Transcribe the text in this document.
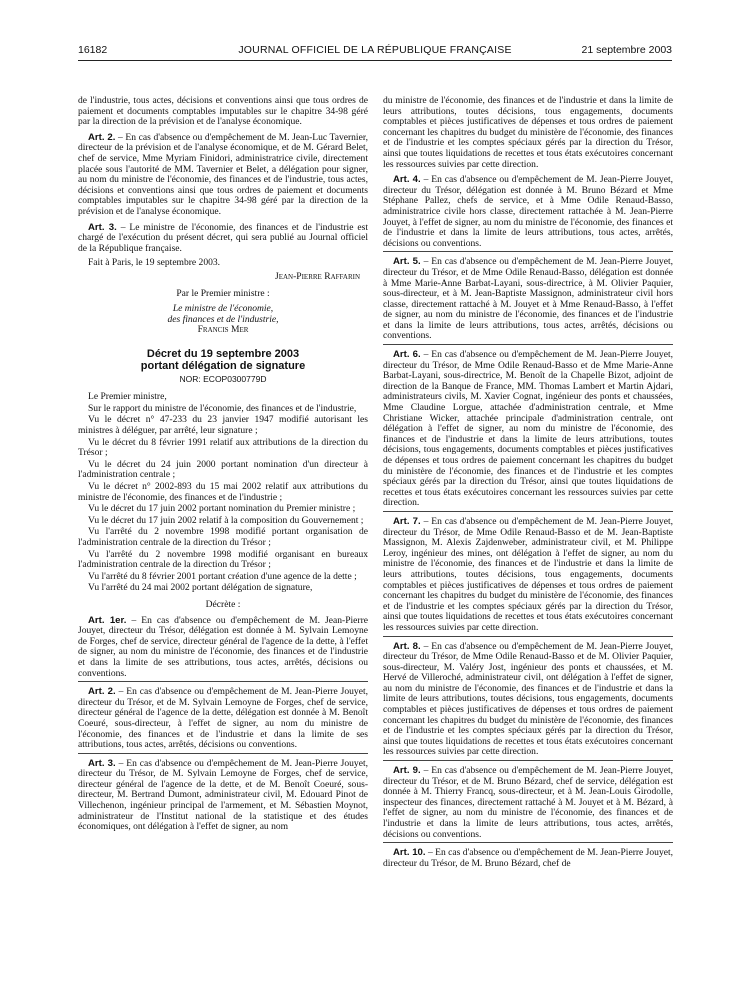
16182	JOURNAL OFFICIEL DE LA RÉPUBLIQUE FRANÇAISE	21 septembre 2003

de l'industrie, tous actes, décisions et conventions ainsi que tous ordres de paiement et documents comptables imputables sur le chapitre 34-98 géré par la direction de la prévision et de l'analyse économique.

Art. 2. – En cas d'absence ou d'empêchement de M. Jean-Luc Tavernier, directeur de la prévision et de l'analyse économique, et de M. Gérard Belet, chef de service, Mme Myriam Finidori, administratrice civile, directement placée sous l'autorité de MM. Tavernier et Belet, a délégation pour signer, au nom du ministre de l'économie, des finances et de l'industrie, tous actes, décisions et conventions ainsi que tous ordres de paiement et documents comptables imputables sur le chapitre 34-98 géré par la direction de la prévision et de l'analyse économique.

Art. 3. – Le ministre de l'économie, des finances et de l'industrie est chargé de l'exécution du présent décret, qui sera publié au Journal officiel de la République française.

Fait à Paris, le 19 septembre 2003.

Jean-Pierre Raffarin

Par le Premier ministre :

Le ministre de l'économie,

des finances et de l'industrie,

Francis Mer

Décret du 19 septembre 2003
portant délégation de signature

NOR: ECOP0300779D

Le Premier ministre,

Sur le rapport du ministre de l'économie, des finances et de l'industrie,

Vu le décret n° 47-233 du 23 janvier 1947 modifié autorisant les ministres à déléguer, par arrêté, leur signature ;

Vu le décret du 8 février 1991 relatif aux attributions de la direction du Trésor ;

Vu le décret du 24 juin 2000 portant nomination d'un directeur à l'administration centrale ;

Vu le décret n° 2002-893 du 15 mai 2002 relatif aux attributions du ministre de l'économie, des finances et de l'industrie ;

Vu le décret du 17 juin 2002 portant nomination du Premier ministre ;

Vu le décret du 17 juin 2002 relatif à la composition du Gouvernement ;

Vu l'arrêté du 2 novembre 1998 modifié portant organisation de l'administration centrale de la direction du Trésor ;

Vu l'arrêté du 2 novembre 1998 modifié organisant en bureaux l'administration centrale de la direction du Trésor ;

Vu l'arrêté du 8 février 2001 portant création d'une agence de la dette ;

Vu l'arrêté du 24 mai 2002 portant délégation de signature,

Décrète :

Art. 1er. – En cas d'absence ou d'empêchement de M. Jean-Pierre Jouyet, directeur du Trésor, délégation est donnée à M. Sylvain Lemoyne de Forges, chef de service, directeur général de l'agence de la dette, à l'effet de signer, au nom du ministre de l'économie, des finances et de l'industrie et dans la limite de ses attributions, tous actes, arrêtés, décisions ou conventions.

Art. 2. – En cas d'absence ou d'empêchement de M. Jean-Pierre Jouyet, directeur du Trésor, et de M. Sylvain Lemoyne de Forges, chef de service, directeur général de l'agence de la dette, délégation est donnée à M. Benoît Coeuré, sous-directeur, à l'effet de signer, au nom du ministre de l'économie, des finances et de l'industrie et dans la limite de ses attributions, tous actes, arrêtés, décisions ou conventions.

Art. 3. – En cas d'absence ou d'empêchement de M. Jean-Pierre Jouyet, directeur du Trésor, de M. Sylvain Lemoyne de Forges, chef de service, directeur général de l'agence de la dette, et de M. Benoît Coeuré, sous-directeur, M. Bertrand Dumont, administrateur civil, M. Edouard Pinot de Villechenon, ingénieur principal de l'armement, et M. Sébastien Moynot, administrateur de l'Institut national de la statistique et des études économiques, ont délégation à l'effet de signer, au nom

du ministre de l'économie, des finances et de l'industrie et dans la limite de leurs attributions, toutes décisions, tous engagements, documents comptables et pièces justificatives de dépenses et tous ordres de paiement concernant les chapitres du budget du ministère de l'économie, des finances et de l'industrie et les comptes spéciaux gérés par la direction du Trésor, ainsi que toutes liquidations de recettes et tous états exécutoires concernant les ressources suivies par cette direction.

Art. 4. – En cas d'absence ou d'empêchement de M. Jean-Pierre Jouyet, directeur du Trésor, délégation est donnée à M. Bruno Bézard et Mme Stéphane Pallez, chefs de service, et à Mme Odile Renaud-Basso, administratrice civile hors classe, directement rattachée à M. Jean-Pierre Jouyet, à l'effet de signer, au nom du ministre de l'économie, des finances et de l'industrie et dans la limite de leurs attributions, tous actes, arrêtés, décisions ou conventions.

Art. 5. – En cas d'absence ou d'empêchement de M. Jean-Pierre Jouyet, directeur du Trésor, et de Mme Odile Renaud-Basso, délégation est donnée à Mme Marie-Anne Barbat-Layani, sous-directrice, à M. Olivier Paquier, sous-directeur, et à M. Jean-Baptiste Massignon, administrateur civil hors classe, directement rattaché à M. Jouyet et à Mme Renaud-Basso, à l'effet de signer, au nom du ministre de l'économie, des finances et de l'industrie et dans la limite de leurs attributions, tous actes, arrêtés, décisions ou conventions.

Art. 6. – En cas d'absence ou d'empêchement de M. Jean-Pierre Jouyet, directeur du Trésor, de Mme Odile Renaud-Basso et de Mme Marie-Anne Barbat-Layani, sous-directrice, M. Benoît de la Chapelle Bizot, adjoint de direction de la Banque de France, MM. Thomas Lambert et Martin Ajdari, administrateurs civils, M. Xavier Cognat, ingénieur des ponts et chaussées, Mme Claudine Lorgue, attachée d'administration centrale, et Mme Christiane Wicker, attachée principale d'administration centrale, ont délégation à l'effet de signer, au nom du ministre de l'économie, des finances et de l'industrie et dans la limite de leurs attributions, toutes décisions, tous engagements, documents comptables et pièces justificatives de dépenses et tous ordres de paiement concernant les chapitres du budget du ministère de l'économie, des finances et de l'industrie et les comptes spéciaux gérés par la direction du Trésor, ainsi que toutes liquidations de recettes et tous états exécutoires concernant les ressources suivies par cette direction.

Art. 7. – En cas d'absence ou d'empêchement de M. Jean-Pierre Jouyet, directeur du Trésor, de Mme Odile Renaud-Basso et de M. Jean-Baptiste Massignon, M. Alexis Zajdenweber, administrateur civil, et M. Philippe Leroy, ingénieur des mines, ont délégation à l'effet de signer, au nom du ministre de l'économie, des finances et de l'industrie et dans la limite de leurs attributions, toutes décisions, tous engagements, documents comptables et pièces justificatives de dépenses et tous ordres de paiement concernant les chapitres du budget du ministère de l'économie, des finances et de l'industrie et les comptes spéciaux gérés par la direction du Trésor, ainsi que toutes liquidations de recettes et tous états exécutoires concernant les ressources suivies par cette direction.

Art. 8. – En cas d'absence ou d'empêchement de M. Jean-Pierre Jouyet, directeur du Trésor, de Mme Odile Renaud-Basso et de M. Olivier Paquier, sous-directeur, M. Valéry Jost, ingénieur des ponts et chaussées, et M. Hervé de Villeroché, administrateur civil, ont délégation à l'effet de signer, au nom du ministre de l'économie, des finances et de l'industrie et dans la limite de leurs attributions, toutes décisions, tous engagements, documents comptables et pièces justificatives de dépenses et tous ordres de paiement concernant les chapitres du budget du ministère de l'économie, des finances et de l'industrie et les comptes spéciaux gérés par la direction du Trésor, ainsi que toutes liquidations de recettes et tous états exécutoires concernant les ressources suivies par cette direction.

Art. 9. – En cas d'absence ou d'empêchement de M. Jean-Pierre Jouyet, directeur du Trésor, et de M. Bruno Bézard, chef de service, délégation est donnée à M. Thierry Francq, sous-directeur, et à M. Jean-Louis Girodolle, inspecteur des finances, directement rattaché à M. Jouyet et à M. Bézard, à l'effet de signer, au nom du ministre de l'économie, des finances et de l'industrie et dans la limite de leurs attributions, tous actes, arrêtés, décisions ou conventions.

Art. 10. – En cas d'absence ou d'empêchement de M. Jean-Pierre Jouyet, directeur du Trésor, de M. Bruno Bézard, chef de
